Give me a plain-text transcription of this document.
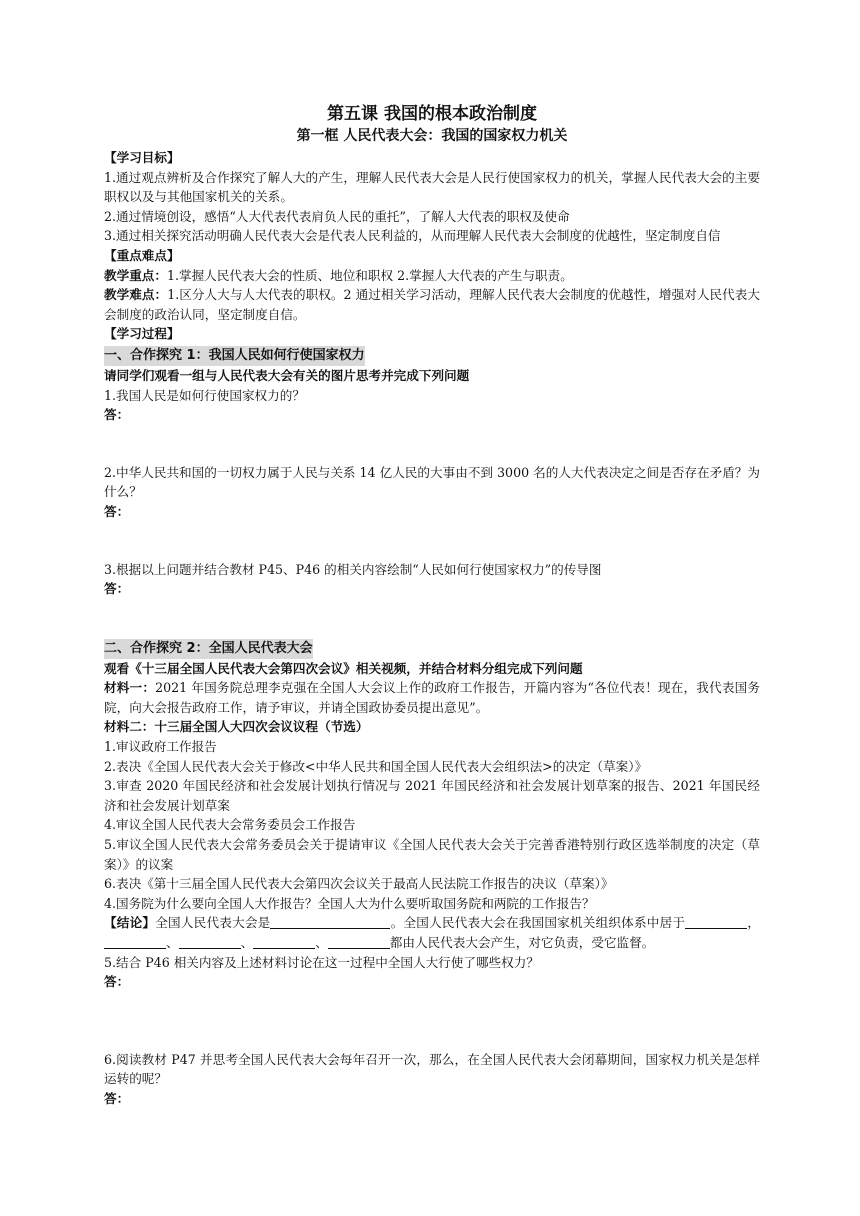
第五课 我国的根本政治制度
第一框 人民代表大会：我国的国家权力机关

【学习目标】

1.通过观点辨析及合作探究了解人大的产生，理解人民代表大会是人民行使国家权力的机关，掌握人民代表大会的主要职权以及与其他国家机关的关系。

2.通过情境创设，感悟“人大代表代表肩负人民的重托”，了解人大代表的职权及使命

3.通过相关探究活动明确人民代表大会是代表人民利益的，从而理解人民代表大会制度的优越性，坚定制度自信

【重点难点】

教学重点：1.掌握人民代表大会的性质、地位和职权 2.掌握人大代表的产生与职责。

教学难点：1.区分人大与人大代表的职权。2 通过相关学习活动，理解人民代表大会制度的优越性，增强对人民代表大会制度的政治认同，坚定制度自信。

【学习过程】

一、合作探究 1：我国人民如何行使国家权力

请同学们观看一组与人民代表大会有关的图片思考并完成下列问题

1.我国人民是如何行使国家权力的？

答：

2.中华人民共和国的一切权力属于人民与关系 14 亿人民的大事由不到 3000 名的人大代表决定之间是否存在矛盾？为什么？

答：

3.根据以上问题并结合教材 P45、P46 的相关内容绘制“人民如何行使国家权力”的传导图

答：

二、合作探究 2：全国人民代表大会

观看《十三届全国人民代表大会第四次会议》相关视频，并结合材料分组完成下列问题

材料一：2021 年国务院总理李克强在全国人大会议上作的政府工作报告，开篇内容为“各位代表！现在，我代表国务院，向大会报告政府工作，请予审议，并请全国政协委员提出意见”。

材料二：十三届全国人大四次会议议程（节选）

1.审议政府工作报告

2.表决《全国人民代表大会关于修改<中华人民共和国全国人民代表大会组织法>的决定（草案）》

3.审查 2020 年国民经济和社会发展计划执行情况与 2021 年国民经济和社会发展计划草案的报告、2021 年国民经济和社会发展计划草案

4.审议全国人民代表大会常务委员会工作报告

5.审议全国人民代表大会常务委员会关于提请审议《全国人民代表大会关于完善香港特别行政区选举制度的决定（草案）》的议案

6.表决《第十三届全国人民代表大会第四次会议关于最高人民法院工作报告的决议（草案）》

4.国务院为什么要向全国人大作报告？全国人大为什么要听取国务院和两院的工作报告？

【结论】全国人民代表大会是	。全国人民代表大会在我国国家机关组织体系中居于	，、	、	、	都由人民代表大会产生，对它负责，受它监督。

5.结合 P46 相关内容及上述材料讨论在这一过程中全国人大行使了哪些权力？

答：

6.阅读教材 P47 并思考全国人民代表大会每年召开一次，那么，在全国人民代表大会闭幕期间，国家权力机关是怎样运转的呢？

答：
